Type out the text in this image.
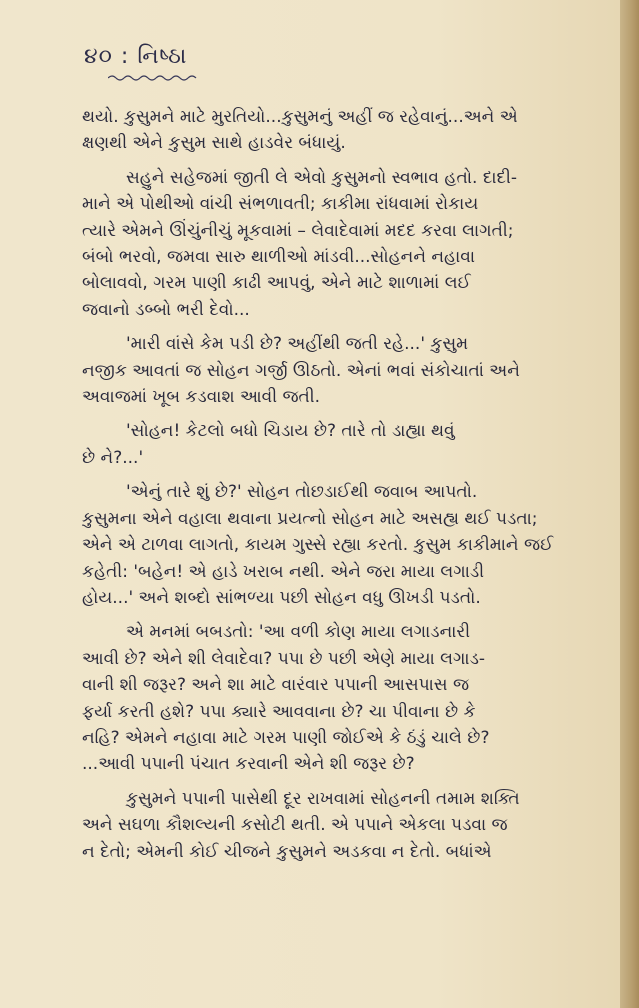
૪૦ : નિષ્ઠા
થયો. કુસુમને માટે મુરતિયો...કુસુમનું અહીં જ રહેવાનું...અને એ
ક્ષણથી એને કુસુમ સાથે હાડવેર બંધાયું.
સહુને સહેજમાં જીતી લે એવો કુસુમનો સ્વભાવ હતો. દાદી-
માને એ પોથીઓ વાંચી સંભળાવતી; કાકીમા રાંધવામાં રોકાય
ત્યારે એમને ઊંચુંનીચું મૂકવામાં – લેવાદેવામાં મદદ કરવા લાગતી;
બંબો ભરવો, જમવા સારુ થાળીઓ માંડવી...સોહનને નહાવા
બોલાવવો, ગરમ પાણી કાઢી આપવું, એને માટે શાળામાં લઈ
જવાનો ડબ્બો ભરી દેવો...
'મારી વાંસે કેમ પડી છે? અહીંથી જતી રહે...' કુસુમ
નજીક આવતાં જ સોહન ગર્જી ઊઠતો. એનાં ભવાં સંકોચાતાં અને
અવાજમાં ખૂબ કડવાશ આવી જતી.
'સોહન! કેટલો બધો ચિડાય છે? તારે તો ડાહ્યા થવું
છે ને?...'
'એનું તારે શું છે?' સોહન તોછડાઈથી જવાબ આપતો.
કુસુમના એને વહાલા થવાના પ્રયત્નો સોહન માટે અસહ્ય થઈ પડતા;
એને એ ટાળવા લાગતો, કાયમ ગુસ્સે રહ્યા કરતો. કુસુમ કાકીમાને જઈ
કહેતી: 'બહેન! એ હાડે ખરાબ નથી. એને જરા માયા લગાડી
હોય...' અને શબ્દો સાંભળ્યા પછી સોહન વધુ ઊખડી પડતો.
એ મનમાં બબડતો: 'આ વળી કોણ માયા લગાડનારી
આવી છે? એને શી લેવાદેવા? પપા છે પછી એણે માયા લગાડ-
વાની શી જરૂર? અને શા માટે વારંવાર પપાની આસપાસ જ
ફર્યા કરતી હશે? પપા ક્યારે આવવાના છે? ચા પીવાના છે કે
નહિ? એમને નહાવા માટે ગરમ પાણી જોઈએ કે ઠંડું ચાલે છે?
...આવી પપાની પંચાત કરવાની એને શી જરૂર છે?
કુસુમને પપાની પાસેથી દૂર રાખવામાં સોહનની તમામ શક્તિ
અને સઘળા કૌશલ્યની કસોટી થતી. એ પપાને એકલા પડવા જ
ન દેતો; એમની કોઈ ચીજને કુસુમને અડકવા ન દેતો. બધાંએ
